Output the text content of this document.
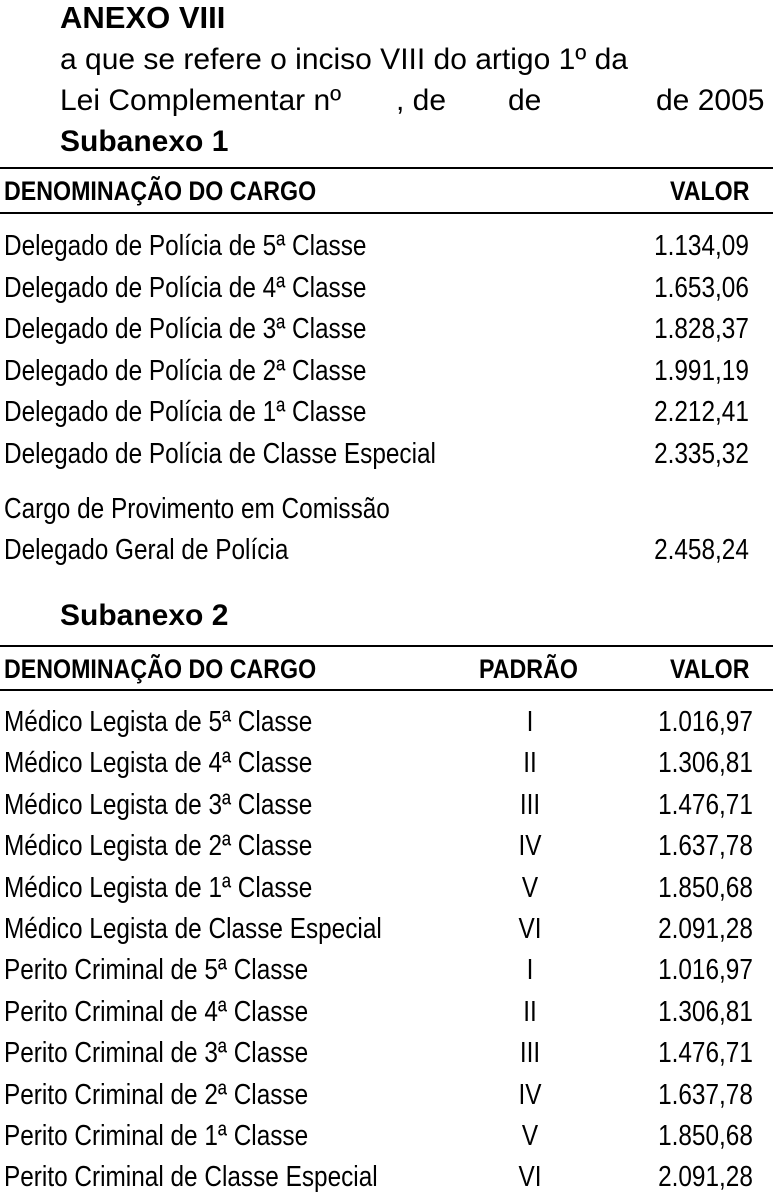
ANEXO VIII
a que se refere o inciso VIII do artigo 1º da
Lei Complementar nº , de de	de 2005
Subanexo 1
DENOMINAÇÃO DO CARGO	VALOR
Delegado de Polícia de 5ª Classe	1.134,09
Delegado de Polícia de 4ª Classe	1.653,06
Delegado de Polícia de 3ª Classe	1.828,37
Delegado de Polícia de 2ª Classe	1.991,19
Delegado de Polícia de 1ª Classe	2.212,41
Delegado de Polícia de Classe Especial	2.335,32
Cargo de Provimento em Comissão
Delegado Geral de Polícia	2.458,24
Subanexo 2
DENOMINAÇÃO DO CARGO	PADRÃO	VALOR
Médico Legista de 5ª Classe	I	1.016,97
Médico Legista de 4ª Classe	II	1.306,81
Médico Legista de 3ª Classe	III	1.476,71
Médico Legista de 2ª Classe	IV	1.637,78
Médico Legista de 1ª Classe	V	1.850,68
Médico Legista de Classe Especial	VI	2.091,28
Perito Criminal de 5ª Classe	I	1.016,97
Perito Criminal de 4ª Classe	II	1.306,81
Perito Criminal de 3ª Classe	III	1.476,71
Perito Criminal de 2ª Classe	IV	1.637,78
Perito Criminal de 1ª Classe	V	1.850,68
Perito Criminal de Classe Especial	VI	2.091,28
